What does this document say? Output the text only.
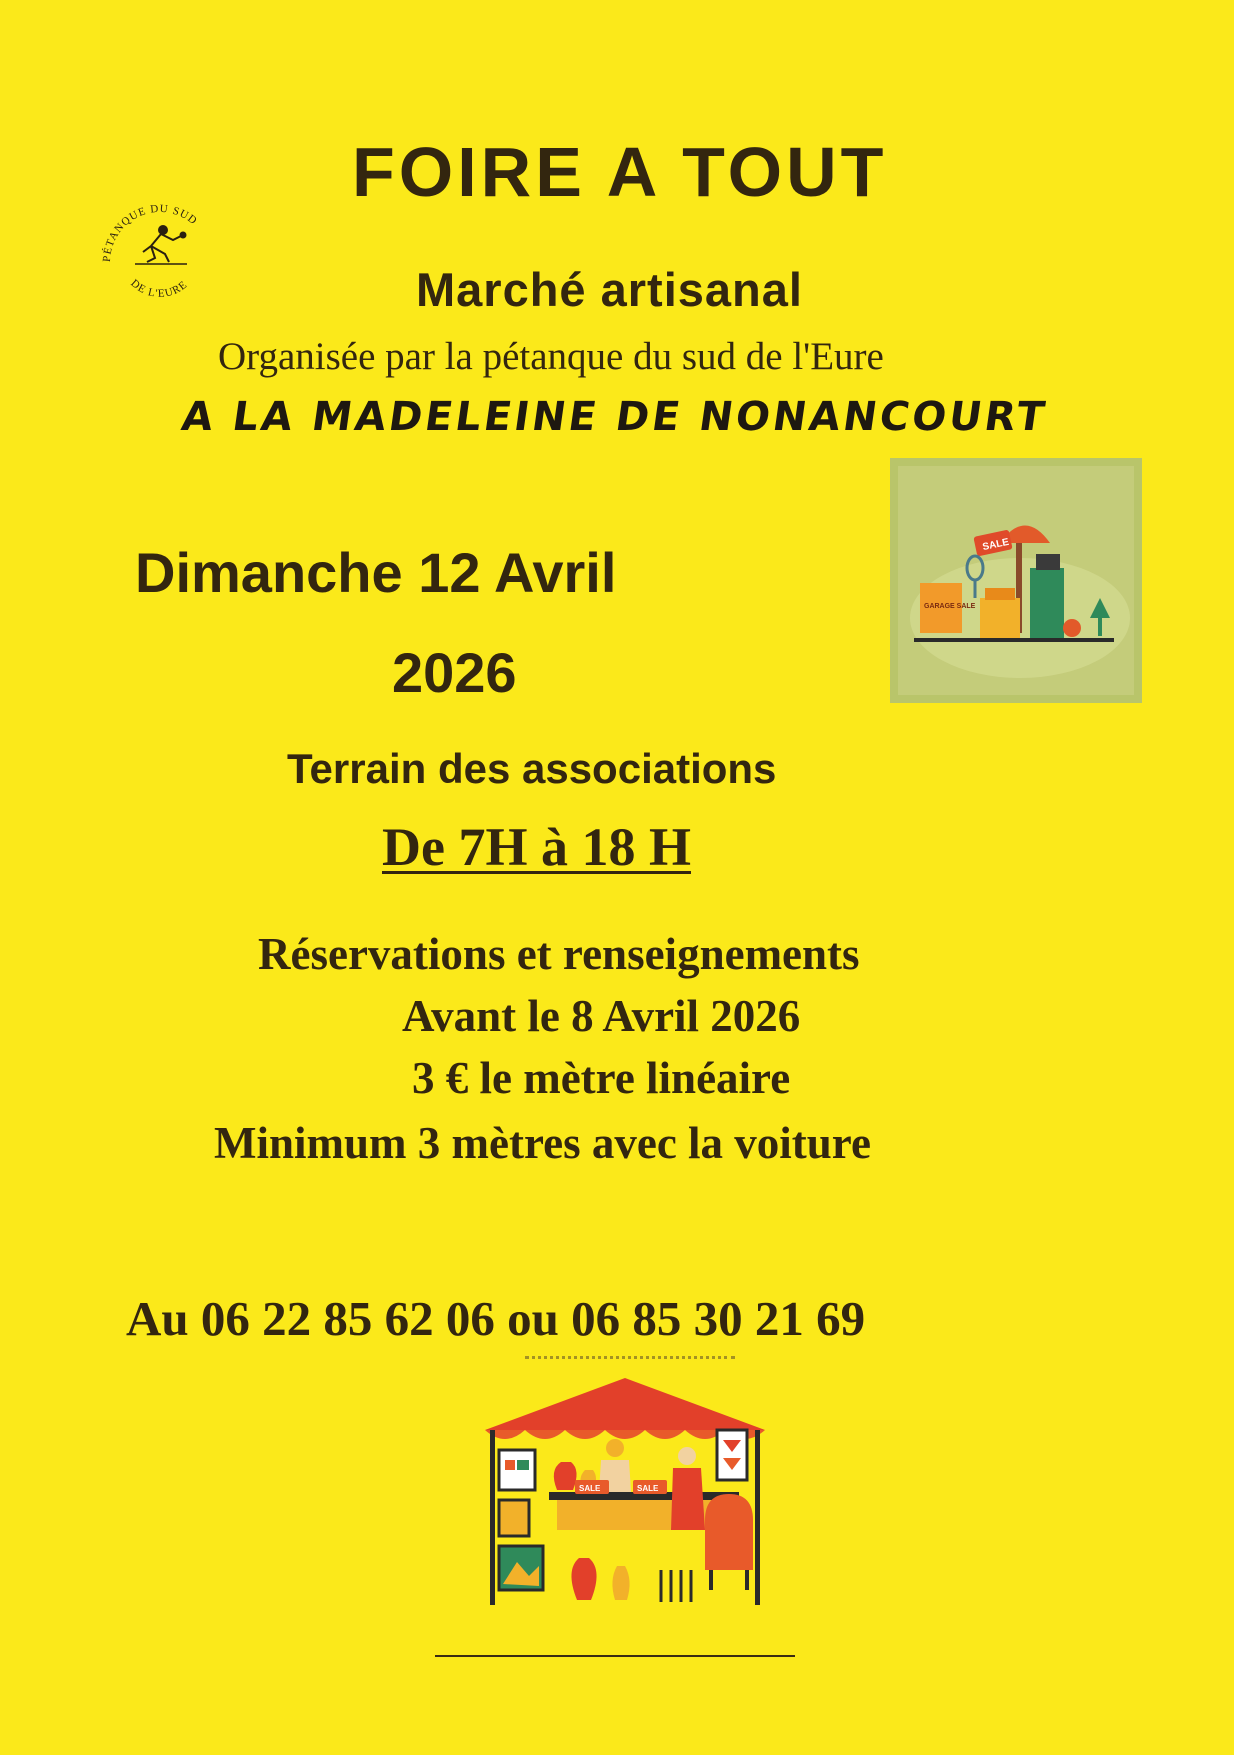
PÉTANQUE DU SUD
DE L'EURE
FOIRE A TOUT
Marché artisanal
Organisée par la pétanque du sud de l'Eure
A LA MADELEINE DE NONANCOURT
Dimanche 12 Avril
2026
SALE
GARAGE SALE
Terrain des associations
De 7H à 18 H
Réservations et renseignements
Avant le 8 Avril 2026
3 € le mètre linéaire
Minimum 3 mètres avec la voiture
Au 06 22 85 62 06 ou 06 85 30 21 69
SALE	SALE
